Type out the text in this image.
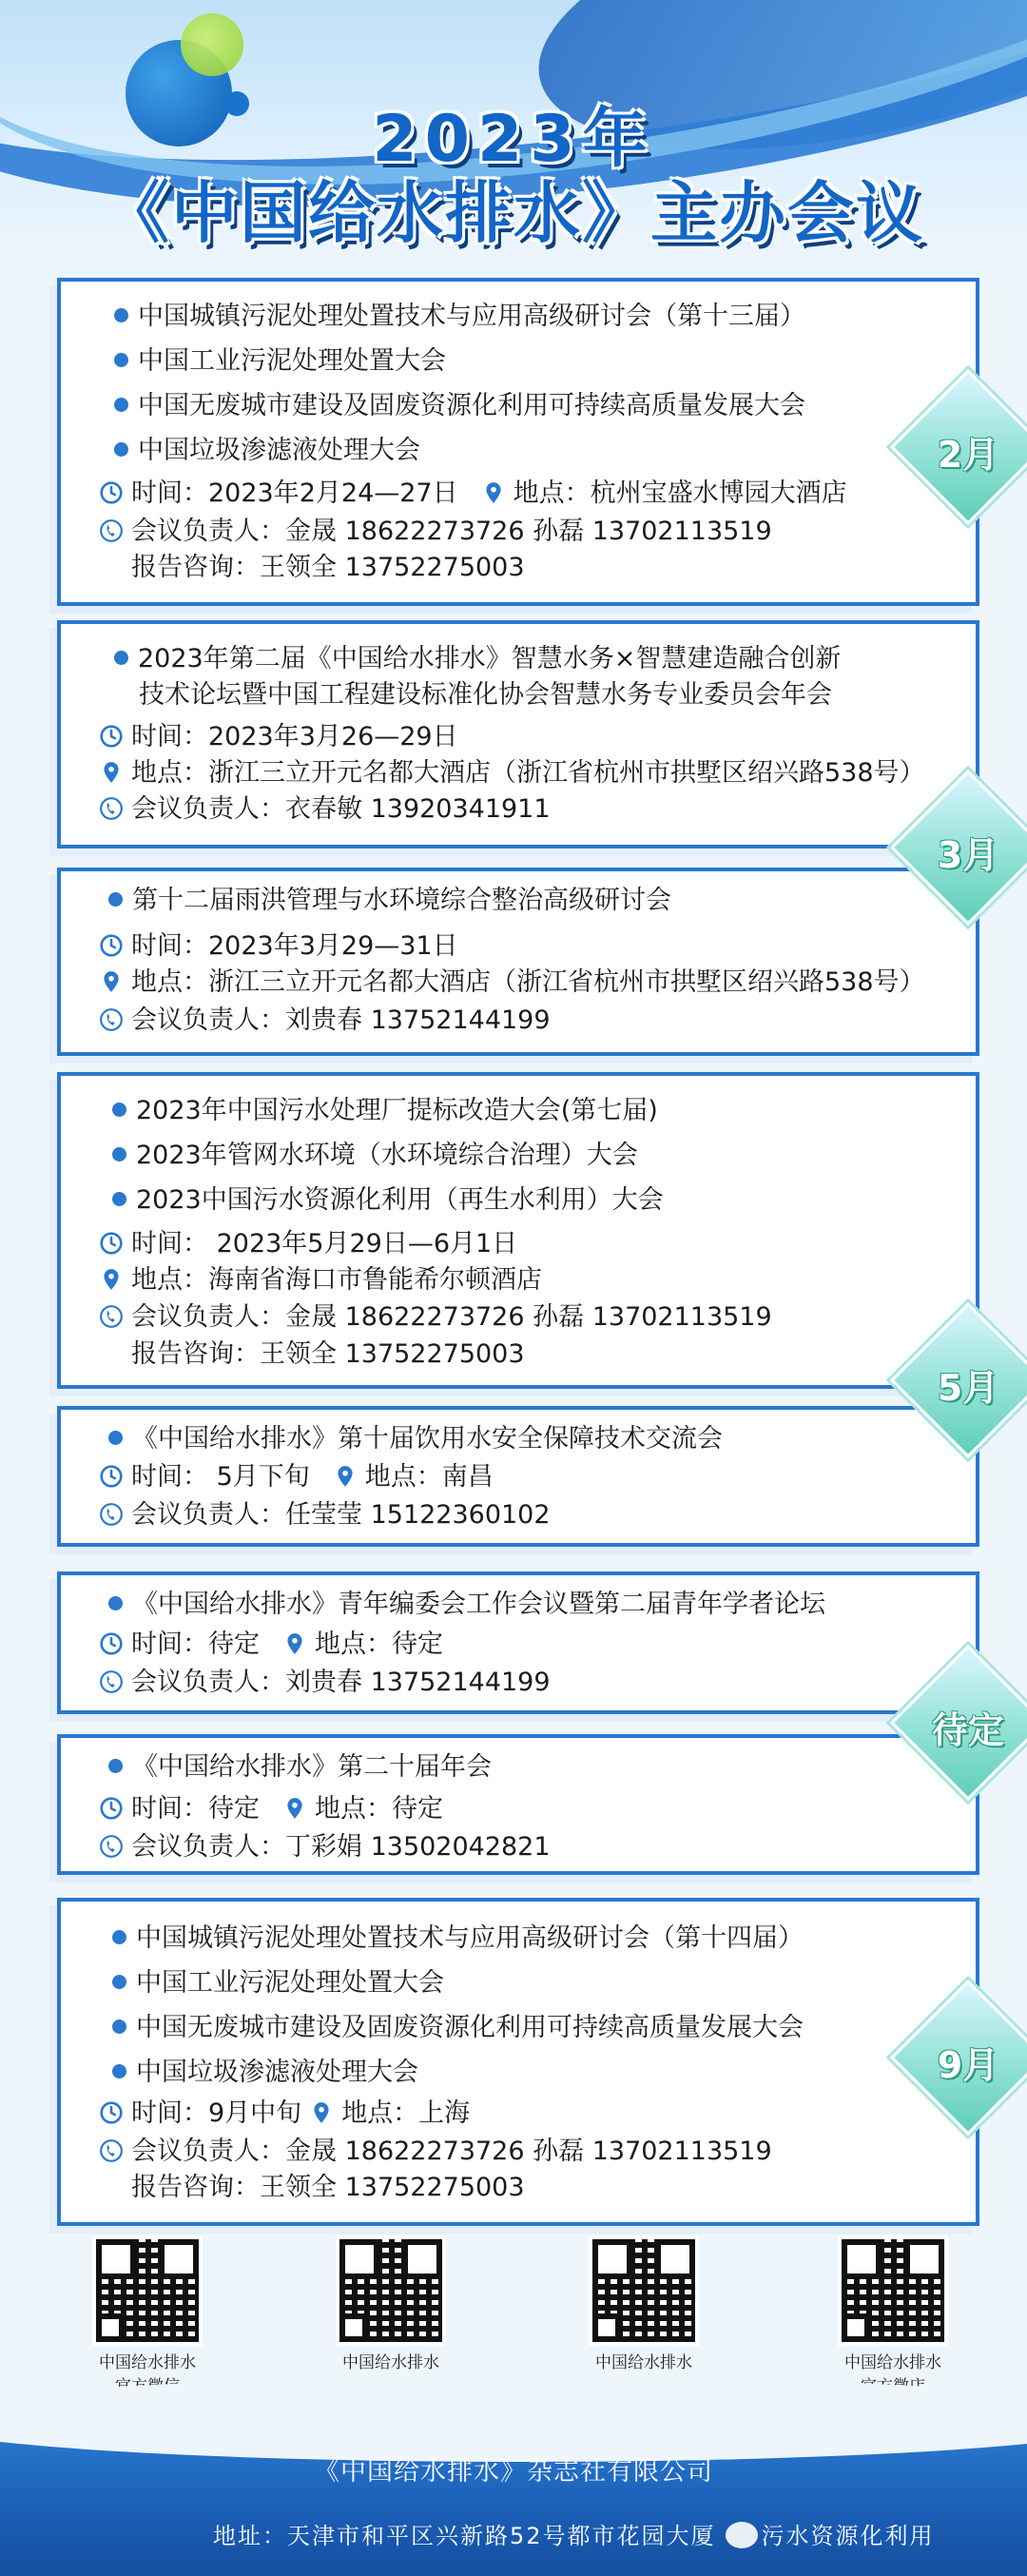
2023年
《中国给水排水》主办会议
中国城镇污泥处理处置技术与应用高级研讨会（第十三届）
中国工业污泥处理处置大会
中国无废城市建设及固废资源化利用可持续高质量发展大会
中国垃圾渗滤液处理大会
时间：2023年2月24—27日 地点：杭州宝盛水博园大酒店
会议负责人：金晟 18622273726 孙磊 13702113519
报告咨询：王领全 13752275003
2023年第二届《中国给水排水》智慧水务×智慧建造融合创新
技术论坛暨中国工程建设标准化协会智慧水务专业委员会年会
时间：2023年3月26—29日
地点：浙江三立开元名都大酒店（浙江省杭州市拱墅区绍兴路538号）
会议负责人：衣春敏 13920341911
第十二届雨洪管理与水环境综合整治高级研讨会
时间：2023年3月29—31日
地点：浙江三立开元名都大酒店（浙江省杭州市拱墅区绍兴路538号）
会议负责人：刘贵春 13752144199
2023年中国污水处理厂提标改造大会(第七届)
2023年管网水环境（水环境综合治理）大会
2023中国污水资源化利用（再生水利用）大会
时间： 2023年5月29日—6月1日
地点：海南省海口市鲁能希尔顿酒店
会议负责人：金晟 18622273726 孙磊 13702113519
报告咨询：王领全 13752275003
《中国给水排水》第十届饮用水安全保障技术交流会
时间： 5月下旬 地点：南昌
会议负责人：任莹莹 15122360102
《中国给水排水》青年编委会工作会议暨第二届青年学者论坛
时间：待定 地点：待定
会议负责人：刘贵春 13752144199
《中国给水排水》第二十届年会
时间：待定 地点：待定
会议负责人：丁彩娟 13502042821
中国城镇污泥处理处置技术与应用高级研讨会（第十四届）
中国工业污泥处理处置大会
中国无废城市建设及固废资源化利用可持续高质量发展大会
中国垃圾渗滤液处理大会
时间：9月中旬 地点：上海
会议负责人：金晟 18622273726 孙磊 13702113519
报告咨询：王领全 13752275003
2月
3月
5月
待定
9月
中国给水排水	中国给水排水	中国给水排水	中国给水排水
《中国给水排水》杂志社有限公司
地址：天津市和平区兴新路52号都市花园大厦 污水资源化利用
